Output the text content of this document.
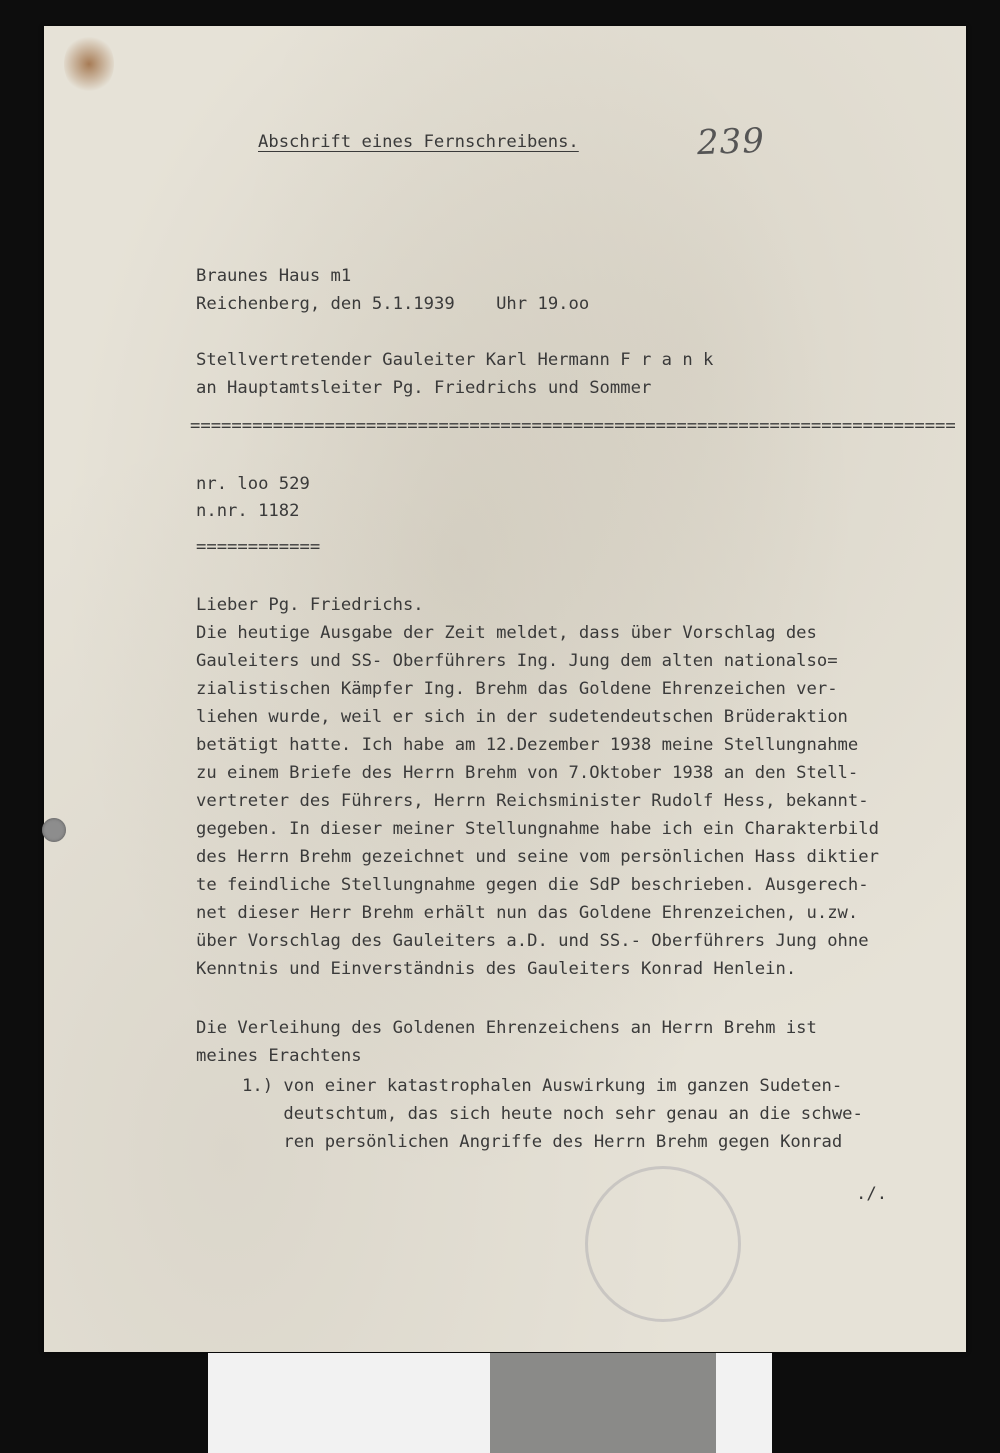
Abschrift eines Fernschreibens.	239
Braunes Haus m1
Reichenberg, den 5.1.1939    Uhr 19.oo
Stellvertretender Gauleiter Karl Hermann F r a n k
an Hauptamtsleiter Pg. Friedrichs und Sommer
==========================================================================
nr. loo 529
n.nr. 1182
============
Lieber Pg. Friedrichs.
Die heutige Ausgabe der Zeit meldet, dass über Vorschlag des
Gauleiters und SS- Oberführers Ing. Jung dem alten nationalso=
zialistischen Kämpfer Ing. Brehm das Goldene Ehrenzeichen ver-
liehen wurde, weil er sich in der sudetendeutschen Brüderaktion
betätigt hatte. Ich habe am 12.Dezember 1938 meine Stellungnahme
zu einem Briefe des Herrn Brehm von 7.Oktober 1938 an den Stell-
vertreter des Führers, Herrn Reichsminister Rudolf Hess, bekannt-
gegeben. In dieser meiner Stellungnahme habe ich ein Charakterbild
des Herrn Brehm gezeichnet und seine vom persönlichen Hass diktier
te feindliche Stellungnahme gegen die SdP beschrieben. Ausgerech-
net dieser Herr Brehm erhält nun das Goldene Ehrenzeichen, u.zw.
über Vorschlag des Gauleiters a.D. und SS.- Oberführers Jung ohne
Kenntnis und Einverständnis des Gauleiters Konrad Henlein.
Die Verleihung des Goldenen Ehrenzeichens an Herrn Brehm ist
meines Erachtens
1.) von einer katastrophalen Auswirkung im ganzen Sudeten-
deutschtum, das sich heute noch sehr genau an die schwe-
ren persönlichen Angriffe des Herrn Brehm gegen Konrad
./.
